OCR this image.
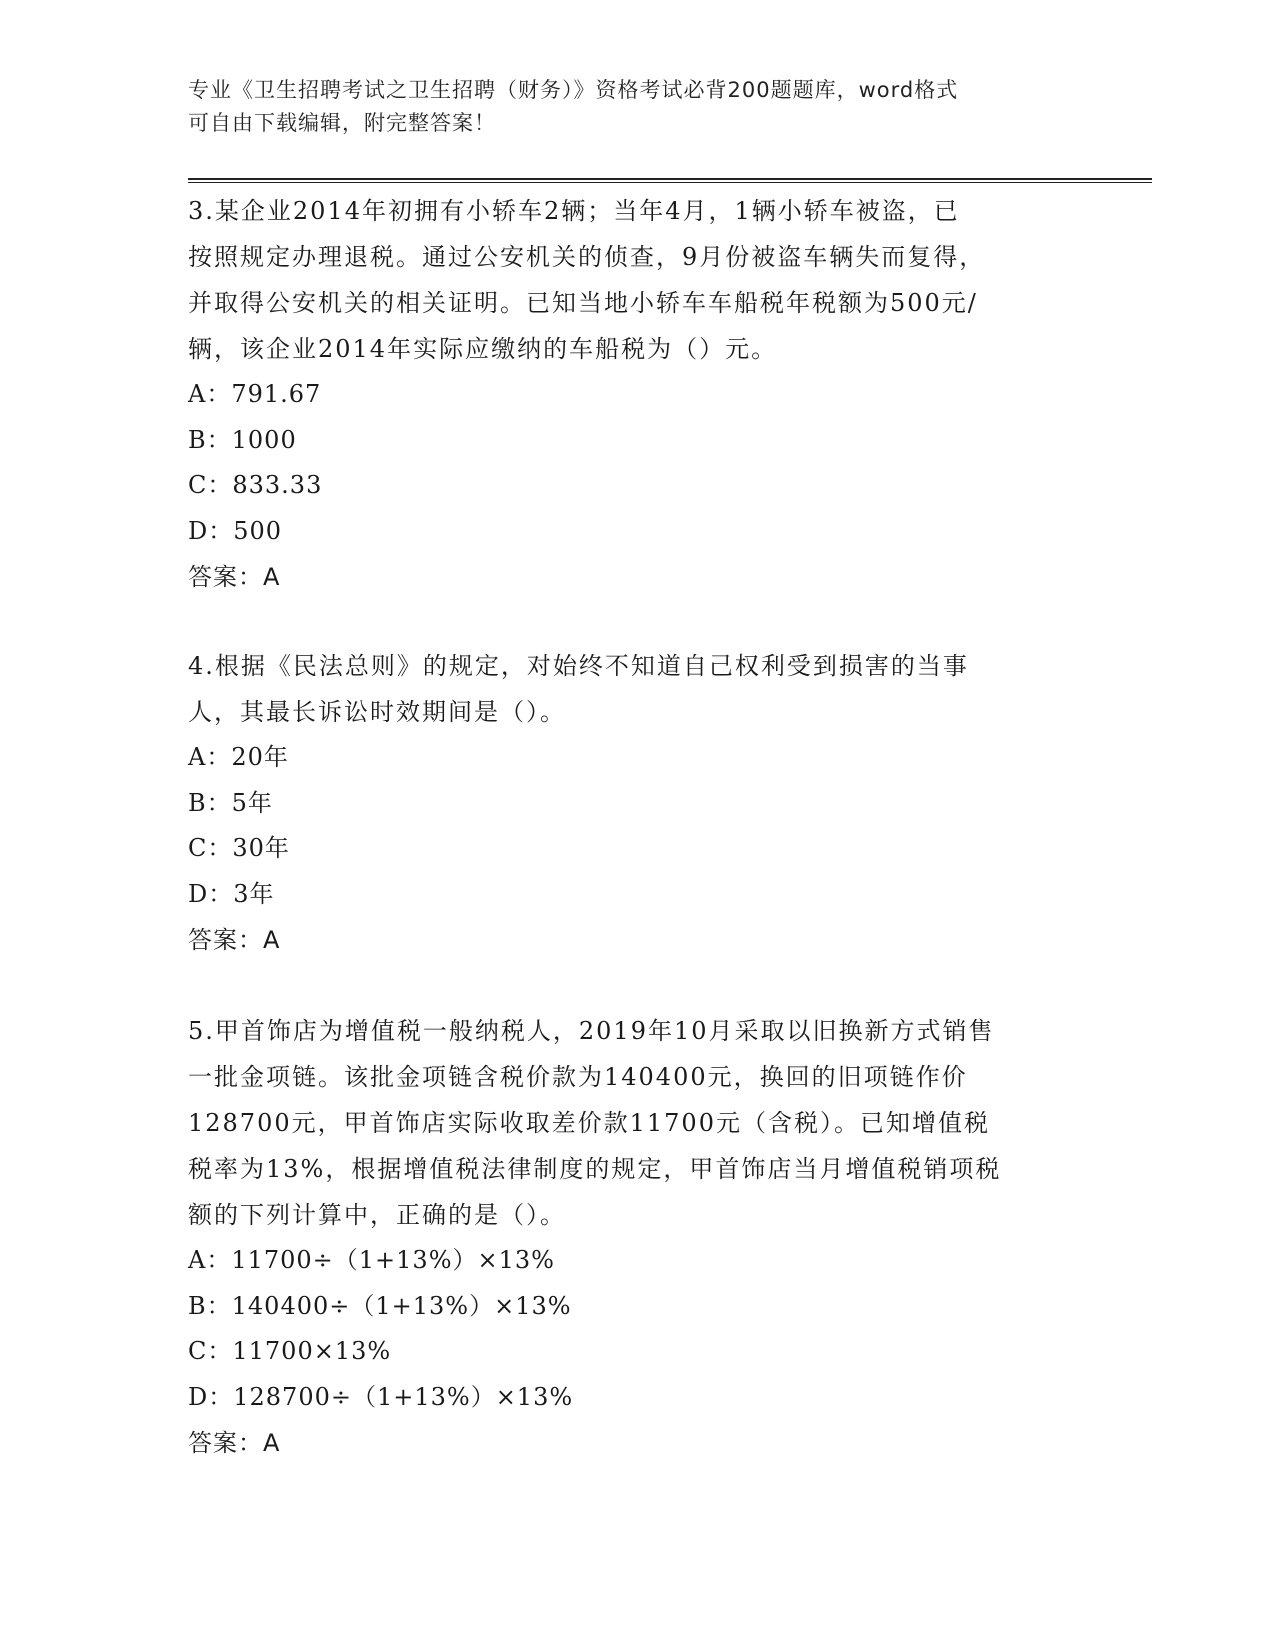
专业《卫生招聘考试之卫生招聘（财务）》资格考试必背200题题库，word格式
可自由下载编辑，附完整答案！
3.某企业2014年初拥有小轿车2辆；当年4月，1辆小轿车被盗，已
按照规定办理退税。通过公安机关的侦查，9月份被盗车辆失而复得，
并取得公安机关的相关证明。已知当地小轿车车船税年税额为500元/
辆，该企业2014年实际应缴纳的车船税为（）元。
A：791.67
B：1000
C：833.33
D：500
答案：A
4.根据《民法总则》的规定，对始终不知道自己权利受到损害的当事
人，其最长诉讼时效期间是（）。
A：20年
B：5年
C：30年
D：3年
答案：A
5.甲首饰店为增值税一般纳税人，2019年10月采取以旧换新方式销售
一批金项链。该批金项链含税价款为140400元，换回的旧项链作价
128700元，甲首饰店实际收取差价款11700元（含税）。已知增值税
税率为13%，根据增值税法律制度的规定，甲首饰店当月增值税销项税
额的下列计算中，正确的是（）。
A：11700÷（1+13%）×13%
B：140400÷（1+13%）×13%
C：11700×13%
D：128700÷（1+13%）×13%
答案：A
